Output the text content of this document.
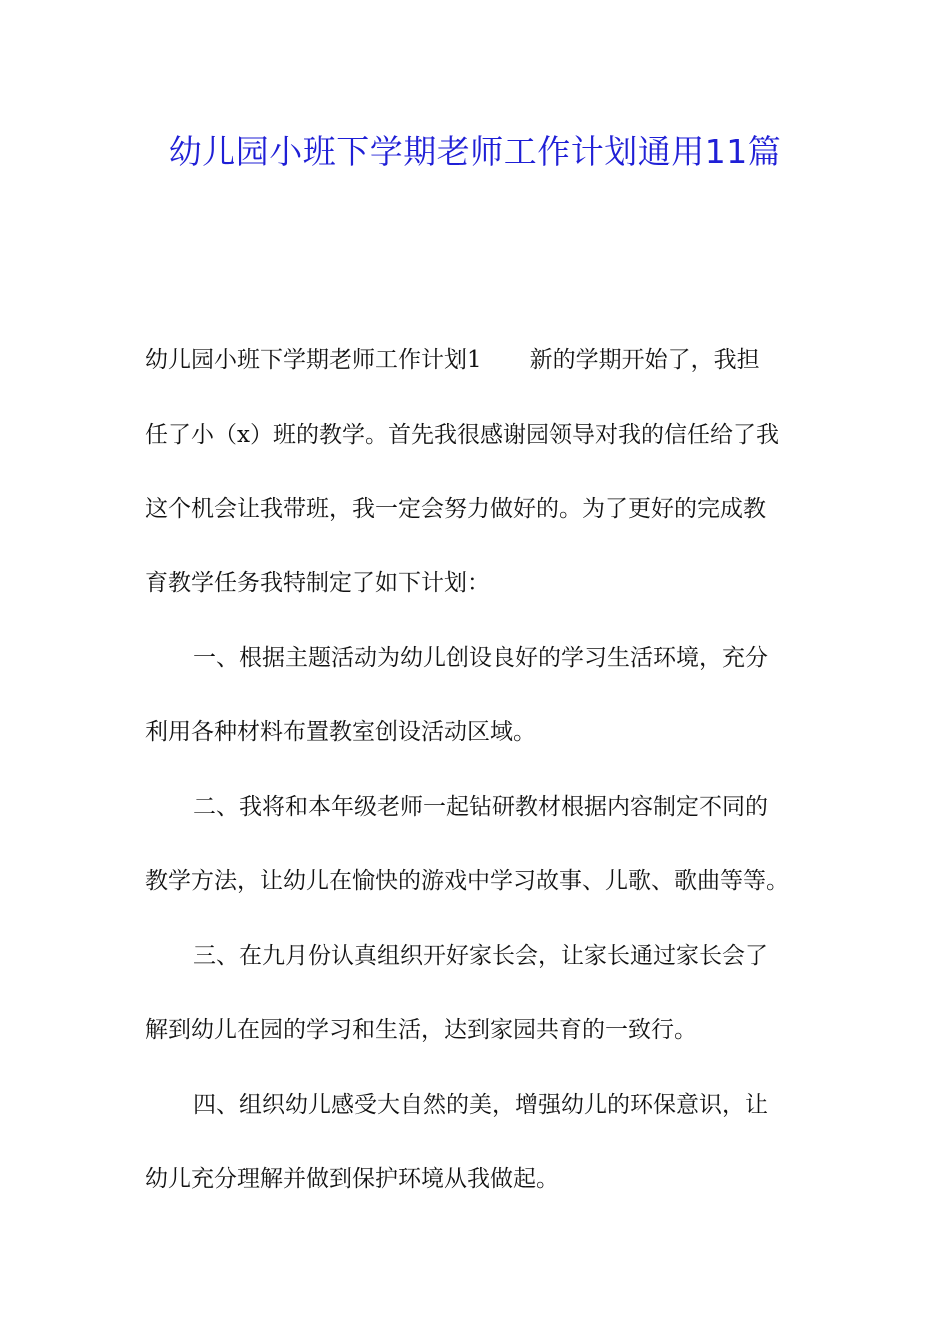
幼儿园小班下学期老师工作计划通用11篇
幼儿园小班下学期老师工作计划1 新的学期开始了，我担
任了小（x）班的教学。首先我很感谢园领导对我的信任给了我
这个机会让我带班，我一定会努力做好的。为了更好的完成教
育教学任务我特制定了如下计划：
一、根据主题活动为幼儿创设良好的学习生活环境，充分
利用各种材料布置教室创设活动区域。
二、我将和本年级老师一起钻研教材根据内容制定不同的
教学方法，让幼儿在愉快的游戏中学习故事、儿歌、歌曲等等。
三、在九月份认真组织开好家长会，让家长通过家长会了
解到幼儿在园的学习和生活，达到家园共育的一致行。
四、组织幼儿感受大自然的美，增强幼儿的环保意识，让
幼儿充分理解并做到保护环境从我做起。
